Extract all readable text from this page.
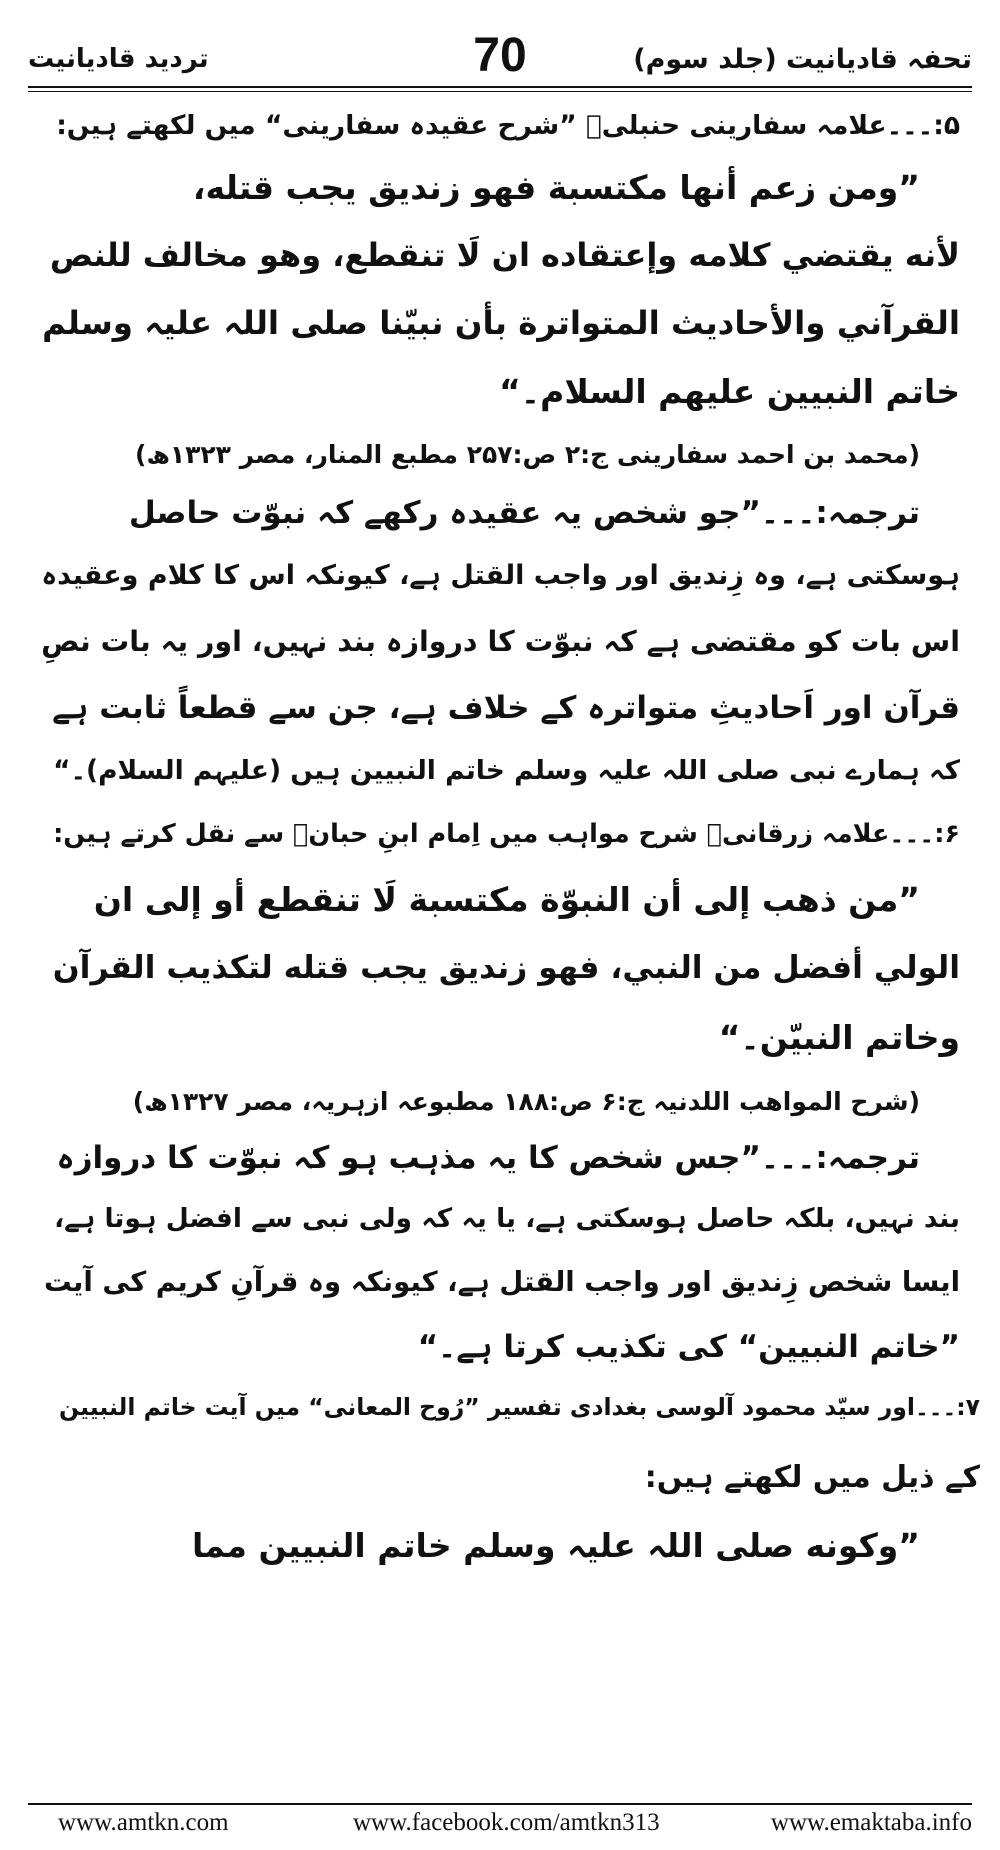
تحفہ قادیانیت (جلد سوم)
70
تردید قادیانیت
۵:۔۔۔علامہ سفارینی حنبلیؒ ”شرح عقیدہ سفارینی“ میں لکھتے ہیں:
”ومن زعم أنها مكتسبة فهو زنديق يجب قتله،
لأنه يقتضي كلامه وإعتقاده ان لَا تنقطع، وهو مخالف للنص
القرآني والأحاديث المتواترة بأن نبيّنا صلی اللہ علیہ وسلم
خاتم النبيين عليهم السلام۔“
(محمد بن احمد سفارینی ج:۲ ص:۲۵۷ مطبع المنار، مصر ۱۳۲۳ھ)
ترجمہ:۔۔۔”جو شخص یہ عقیدہ رکھے کہ نبوّت حاصل
ہوسکتی ہے، وہ زِندیق اور واجب القتل ہے، کیونکہ اس کا کلام وعقیدہ
اس بات کو مقتضی ہے کہ نبوّت کا دروازہ بند نہیں، اور یہ بات نصِ
قرآن اور اَحادیثِ متواترہ کے خلاف ہے، جن سے قطعاً ثابت ہے
کہ ہمارے نبی صلی اللہ علیہ وسلم خاتم النبیین ہیں (علیہم السلام)۔“
۶:۔۔۔علامہ زرقانیؒ شرح مواہب میں اِمام ابنِ حبانؒ سے نقل کرتے ہیں:
”من ذهب إلى أن النبوّة مكتسبة لَا تنقطع أو إلى ان
الولي أفضل من النبي، فهو زنديق يجب قتله لتكذيب القرآن
وخاتم النبيّن۔“
(شرح المواهب اللدنیہ ج:۶ ص:۱۸۸ مطبوعہ ازہریہ، مصر ۱۳۲۷ھ)
ترجمہ:۔۔۔”جس شخص کا یہ مذہب ہو کہ نبوّت کا دروازہ
بند نہیں، بلکہ حاصل ہوسکتی ہے، یا یہ کہ ولی نبی سے افضل ہوتا ہے،
ایسا شخص زِندیق اور واجب القتل ہے، کیونکہ وہ قرآنِ کریم کی آیت
”خاتم النبیین“ کی تکذیب کرتا ہے۔“
۷:۔۔۔اور سیّد محمود آلوسی بغدادی تفسیر ”رُوح المعانی“ میں آیت خاتم النبیین
کے ذیل میں لکھتے ہیں:
”وكونه صلی اللہ علیہ وسلم خاتم النبيين مما
www.amtkn.com	www.facebook.com/amtkn313	www.emaktaba.info
